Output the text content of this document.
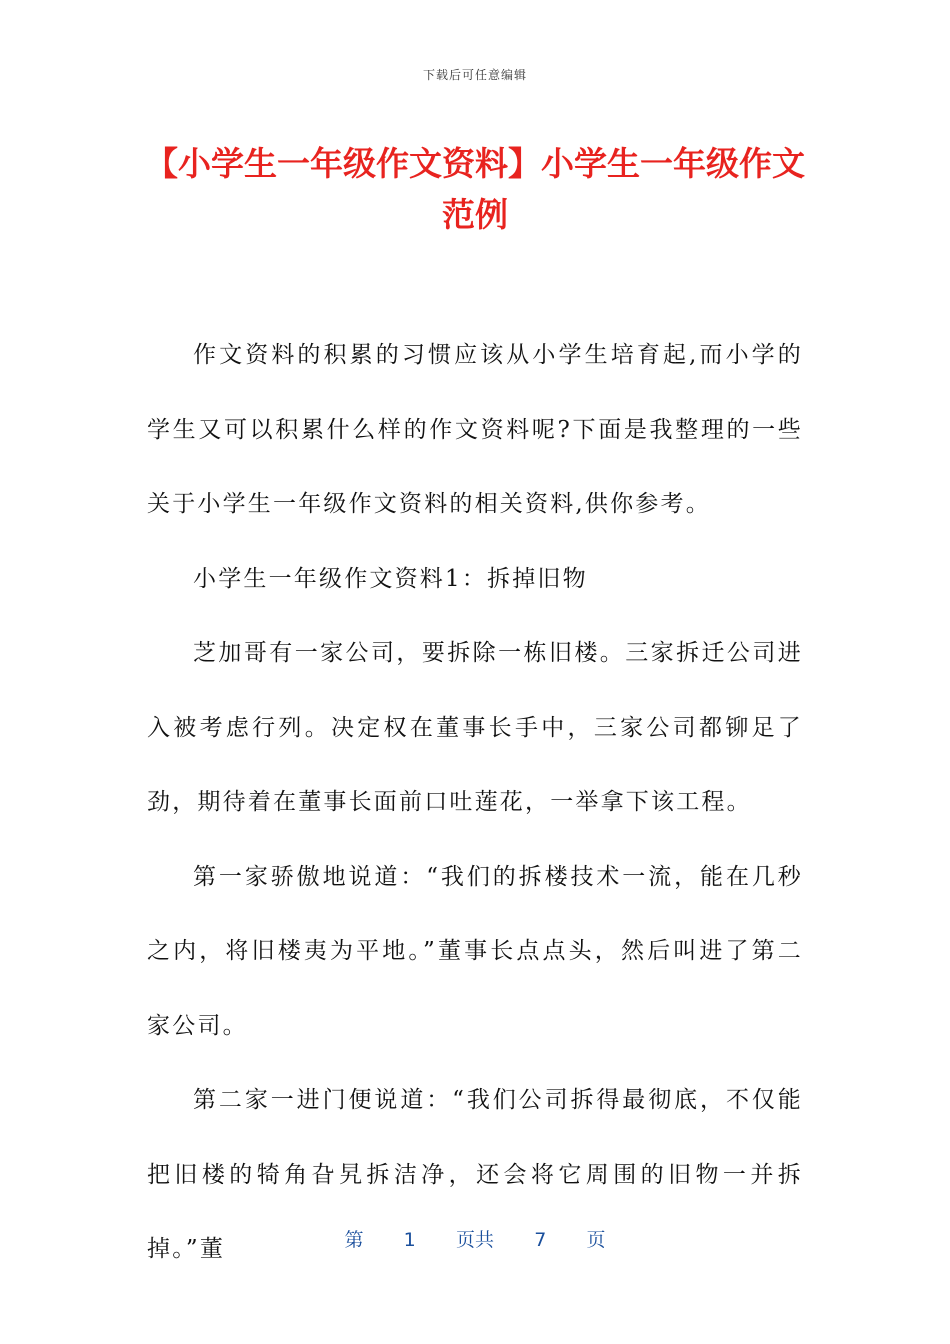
下载后可任意编辑
【小学生一年级作文资料】小学生一年级作文范例

作文资料的积累的习惯应该从小学生培育起,而小学的学生又可以积累什么样的作文资料呢?下面是我整理的一些关于小学生一年级作文资料的相关资料,供你参考。

小学生一年级作文资料1：拆掉旧物

芝加哥有一家公司，要拆除一栋旧楼。三家拆迁公司进入被考虑行列。决定权在董事长手中，三家公司都铆足了劲，期待着在董事长面前口吐莲花，一举拿下该工程。

第一家骄傲地说道：“我们的拆楼技术一流，能在几秒之内，将旧楼夷为平地。”董事长点点头，然后叫进了第二家公司。

第二家一进门便说道：“我们公司拆得最彻底，不仅能把旧楼的犄角旮旯拆洁净，还会将它周围的旧物一并拆掉。”董	第 1 页共 7 页
